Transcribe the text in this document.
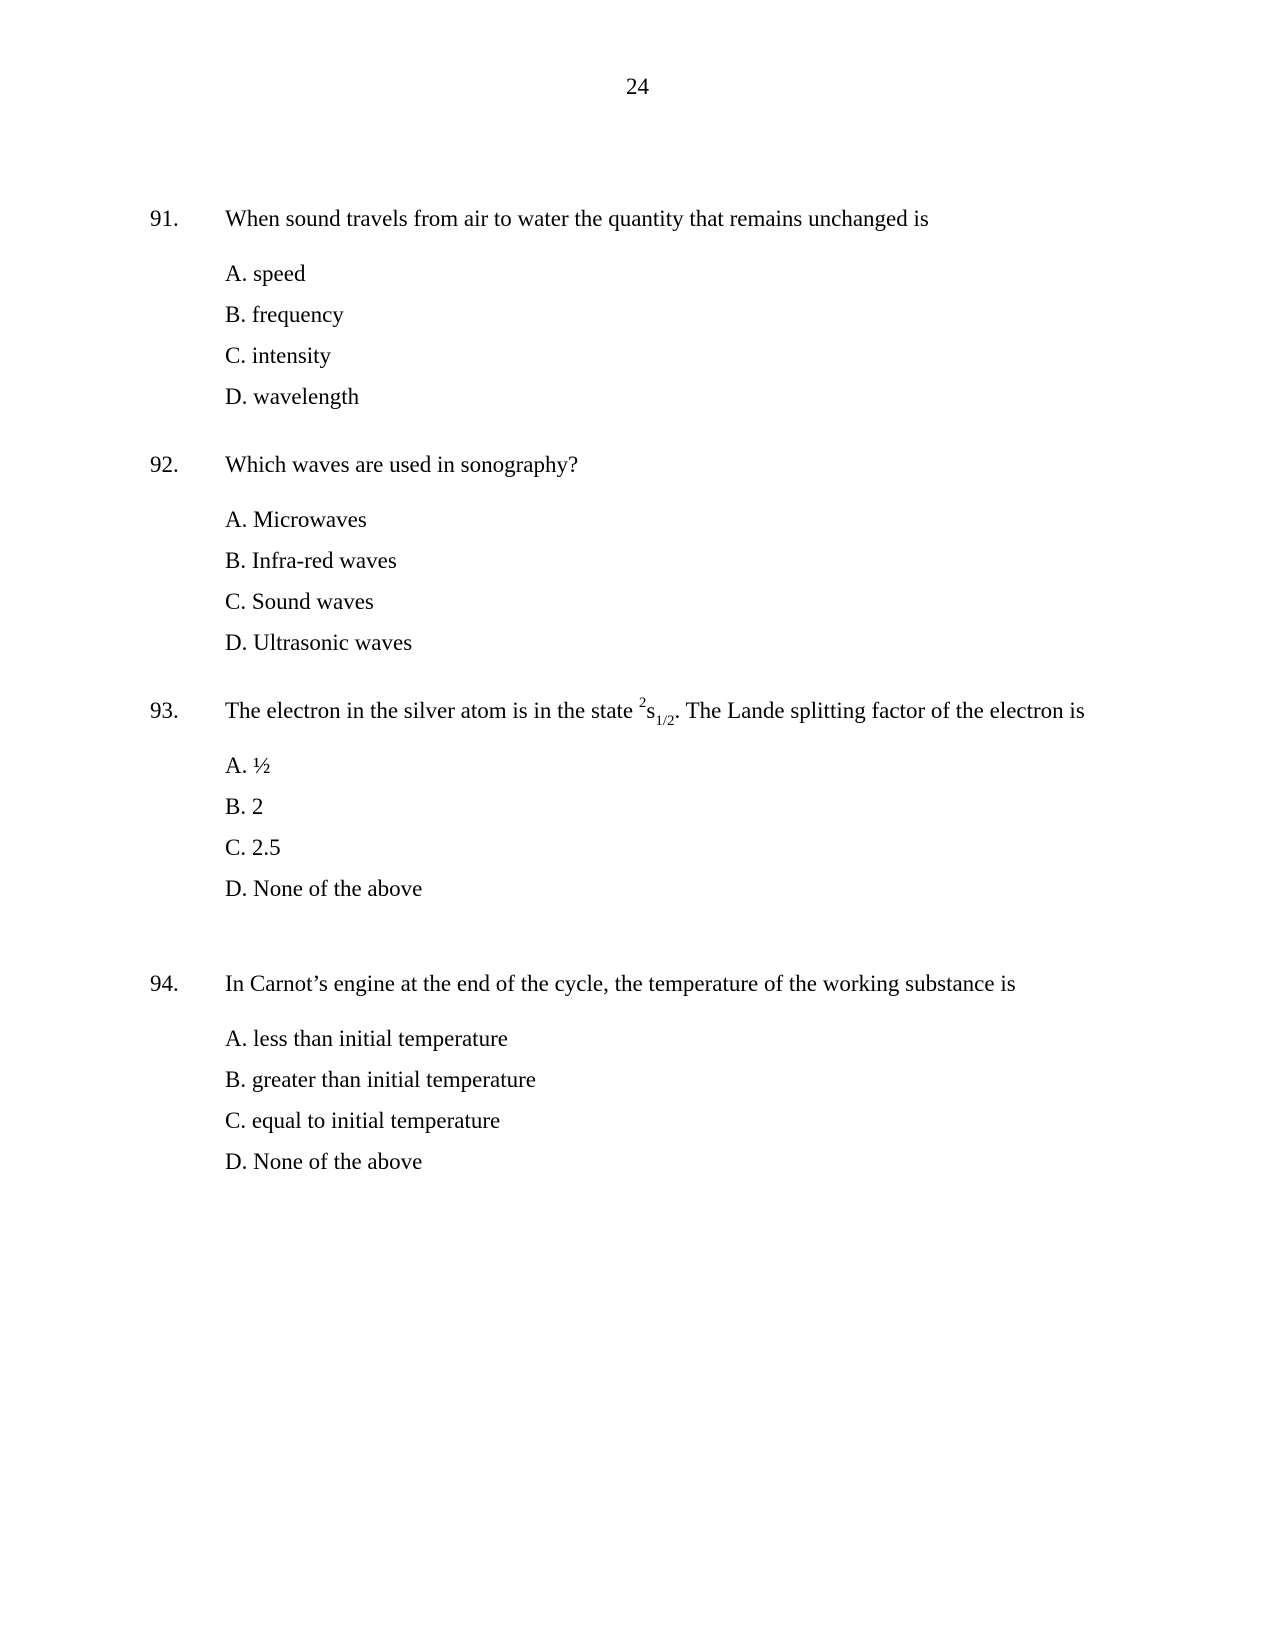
24
91.	When sound travels from air to water the quantity that remains unchanged is
A. speed
B. frequency
C. intensity
D. wavelength
92.	Which waves are used in sonography?
A. Microwaves
B. Infra-red waves
C. Sound waves
D. Ultrasonic waves
93.	The electron in the silver atom is in the state $^2s_{1/2}$. The Lande splitting factor of the electron is
A. ½
B. 2
C. 2.5
D. None of the above
94.	In Carnot’s engine at the end of the cycle, the temperature of the working substance is
A. less than initial temperature
B. greater than initial temperature
C. equal to initial temperature
D. None of the above
